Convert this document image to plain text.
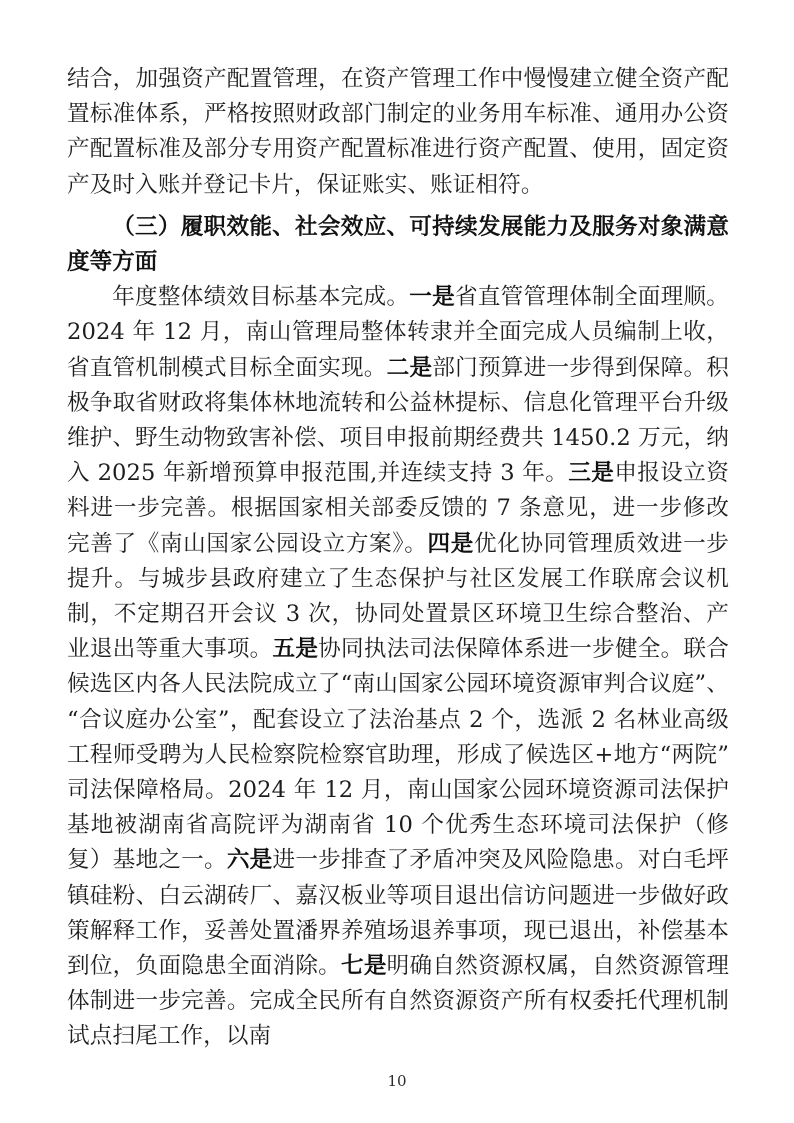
结合，加强资产配置管理，在资产管理工作中慢慢建立健全资产配置标准体系，严格按照财政部门制定的业务用车标准、通用办公资产配置标准及部分专用资产配置标准进行资产配置、使用，固定资产及时入账并登记卡片，保证账实、账证相符。

（三）履职效能、社会效应、可持续发展能力及服务对象满意度等方面

年度整体绩效目标基本完成。一是省直管管理体制全面理顺。2024 年 12 月，南山管理局整体转隶并全面完成人员编制上收，省直管机制模式目标全面实现。二是部门预算进一步得到保障。积极争取省财政将集体林地流转和公益林提标、信息化管理平台升级维护、野生动物致害补偿、项目申报前期经费共 1450.2 万元，纳入 2025 年新增预算申报范围,并连续支持 3 年。三是申报设立资料进一步完善。根据国家相关部委反馈的 7 条意见，进一步修改完善了《南山国家公园设立方案》。四是优化协同管理质效进一步提升。与城步县政府建立了生态保护与社区发展工作联席会议机制，不定期召开会议 3 次，协同处置景区环境卫生综合整治、产业退出等重大事项。五是协同执法司法保障体系进一步健全。联合候选区内各人民法院成立了“南山国家公园环境资源审判合议庭”、“合议庭办公室”，配套设立了法治基点 2 个，选派 2 名林业高级工程师受聘为人民检察院检察官助理，形成了候选区+地方“两院”司法保障格局。2024 年 12 月，南山国家公园环境资源司法保护基地被湖南省高院评为湖南省 10 个优秀生态环境司法保护（修复）基地之一。六是进一步排查了矛盾冲突及风险隐患。对白毛坪镇硅粉、白云湖砖厂、嘉汉板业等项目退出信访问题进一步做好政策解释工作，妥善处置潘界养殖场退养事项，现已退出，补偿基本到位，负面隐患全面消除。七是明确自然资源权属，自然资源管理体制进一步完善。完成全民所有自然资源资产所有权委托代理机制试点扫尾工作，以南

10
